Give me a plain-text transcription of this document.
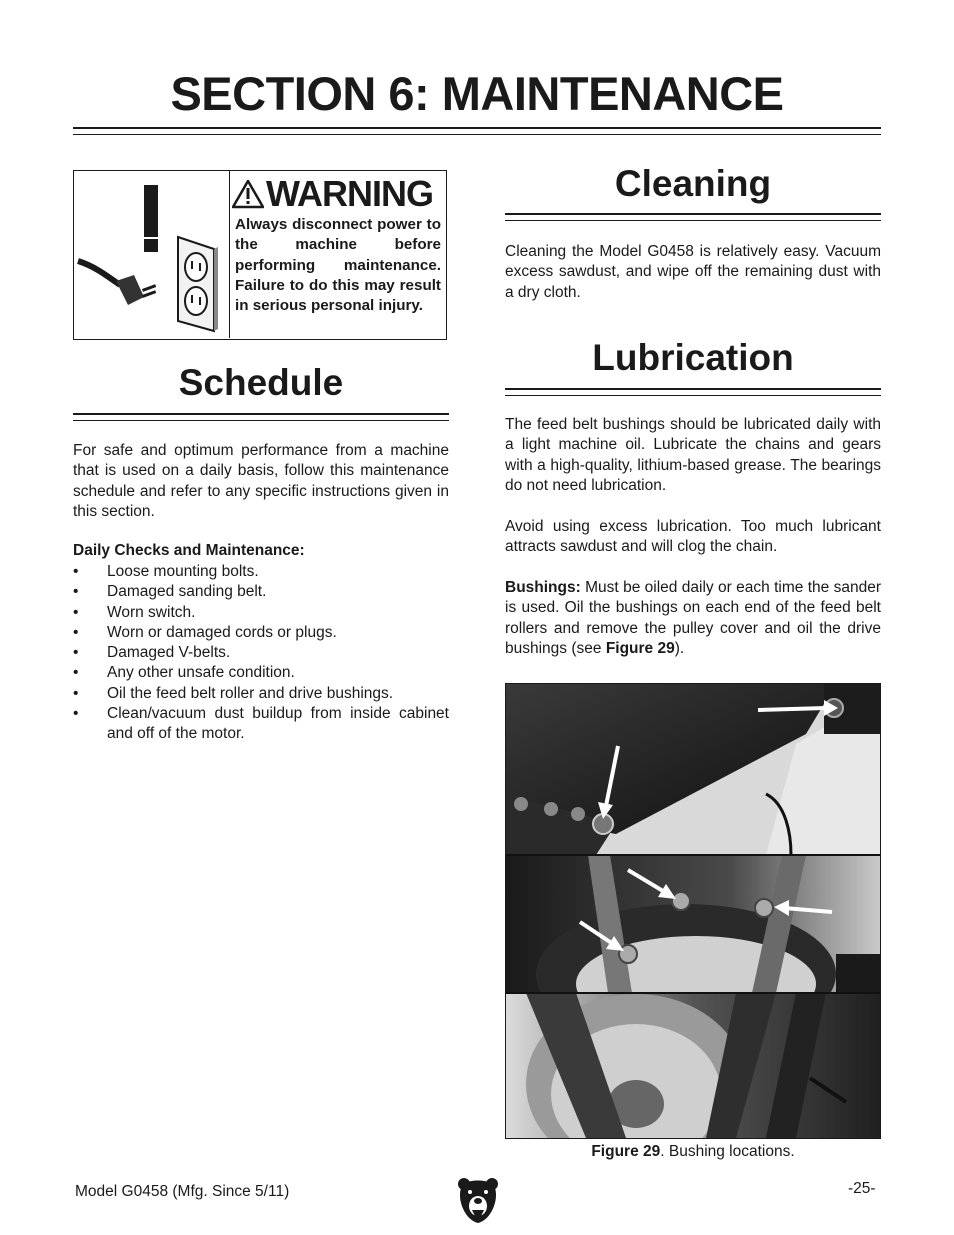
SECTION 6: MAINTENANCE
WARNING

Always disconnect power to the machine before performing maintenance. Failure to do this may result in serious personal injury.

Schedule

For safe and optimum performance from a machine that is used on a daily basis, follow this maintenance schedule and refer to any specific instructions given in this section.

Daily Checks and Maintenance:
• Loose mounting bolts.
• Damaged sanding belt.
• Worn switch.
• Worn or damaged cords or plugs.
• Damaged V-belts.
• Any other unsafe condition.
• Oil the feed belt roller and drive bushings.
• Clean/vacuum dust buildup from inside cabinet and off of the motor.
Cleaning

Cleaning the Model G0458 is relatively easy. Vacuum excess sawdust, and wipe off the remaining dust with a dry cloth.

Lubrication

The feed belt bushings should be lubricated daily with a light machine oil. Lubricate the chains and gears with a high-quality, lithium-based grease. The bearings do not need lubrication.

Avoid using excess lubrication. Too much lubricant attracts sawdust and will clog the chain.

Bushings: Must be oiled daily or each time the sander is used. Oil the bushings on each end of the feed belt rollers and remove the pulley cover and oil the drive bushings (see Figure 29).

Figure 29. Bushing locations.
Model G0458 (Mfg. Since 5/11)	-25-
